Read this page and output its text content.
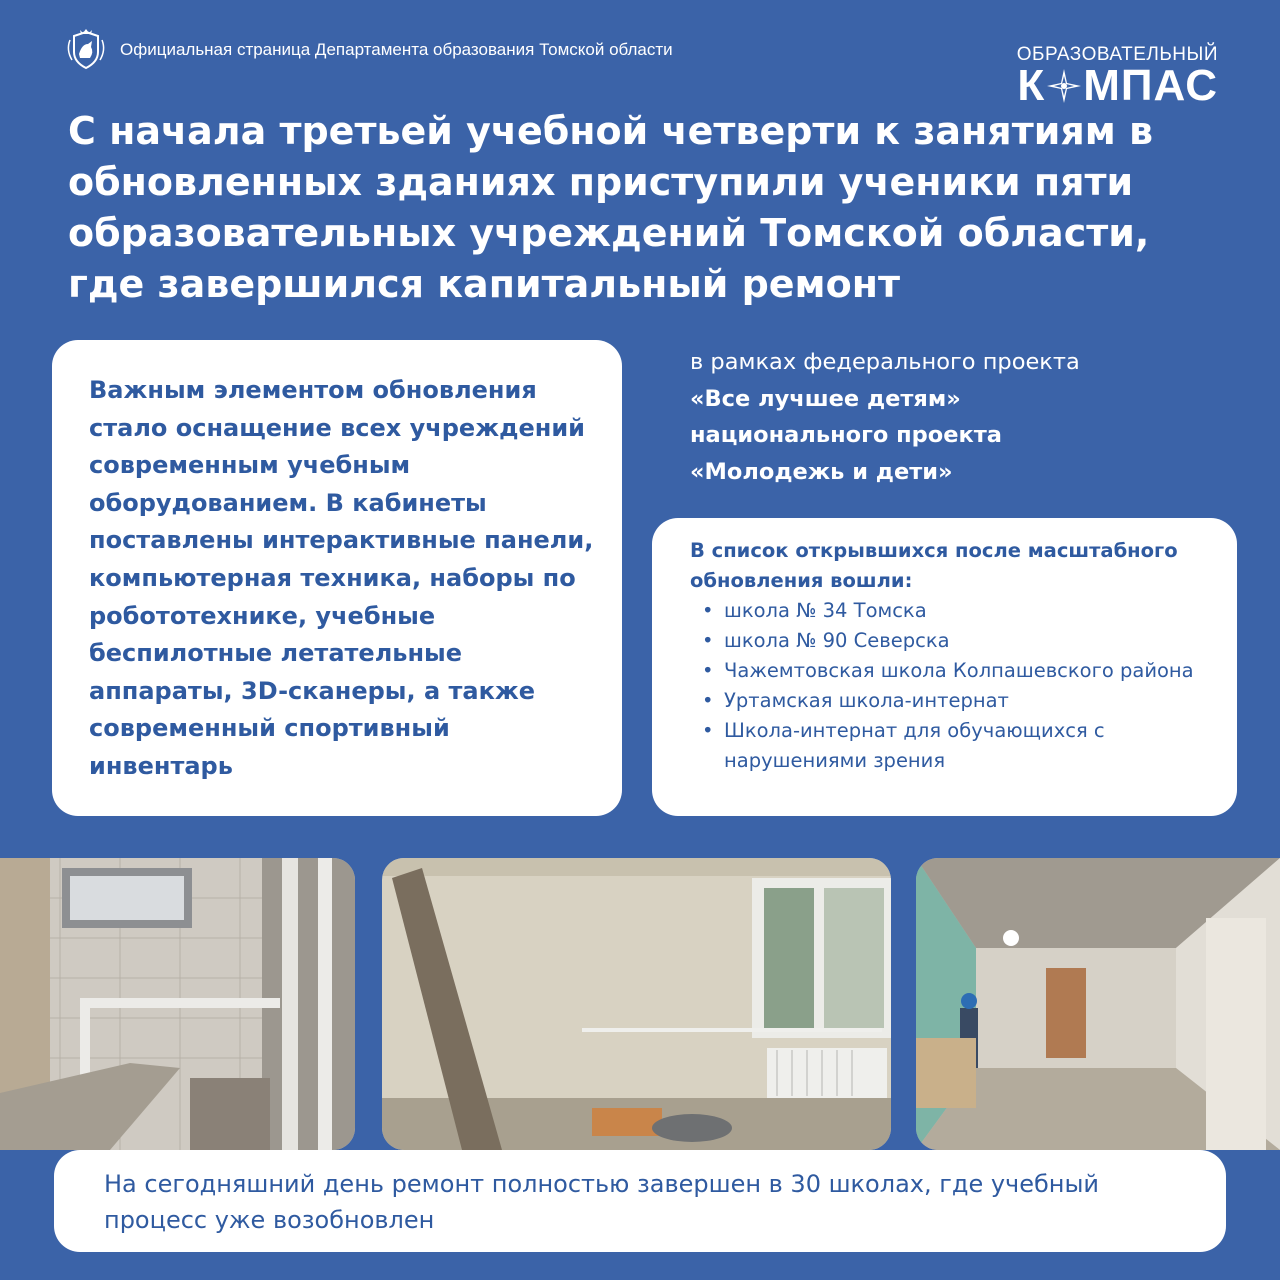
Официальная страница Департамента образования Томской области	ОБРАЗОВАТЕЛЬНЫЙ
К МПАС
С начала третьей учебной четверти к занятиям в обновленных зданиях приступили ученики пяти образовательных учреждений Томской области, где завершился капитальный ремонт

Важным элементом обновления стало оснащение всех учреждений современным учебным оборудованием. В кабинеты поставлены интерактивные панели, компьютерная техника, наборы по робототехнике, учебные беспилотные летательные аппараты, 3D-сканеры, а также современный спортивный инвентарь

в рамках федерального проекта
«Все лучшее детям»
национального проекта
«Молодежь и дети»
В список открывшихся после масштабного обновления вошли:
• школа № 34 Томска
• школа № 90 Северска
• Чажемтовская школа Колпашевского района
• Уртамская школа-интернат
• Школа-интернат для обучающихся с нарушениями зрения

На сегодняшний день ремонт полностью завершен в 30 школах, где учебный процесс уже возобновлен
